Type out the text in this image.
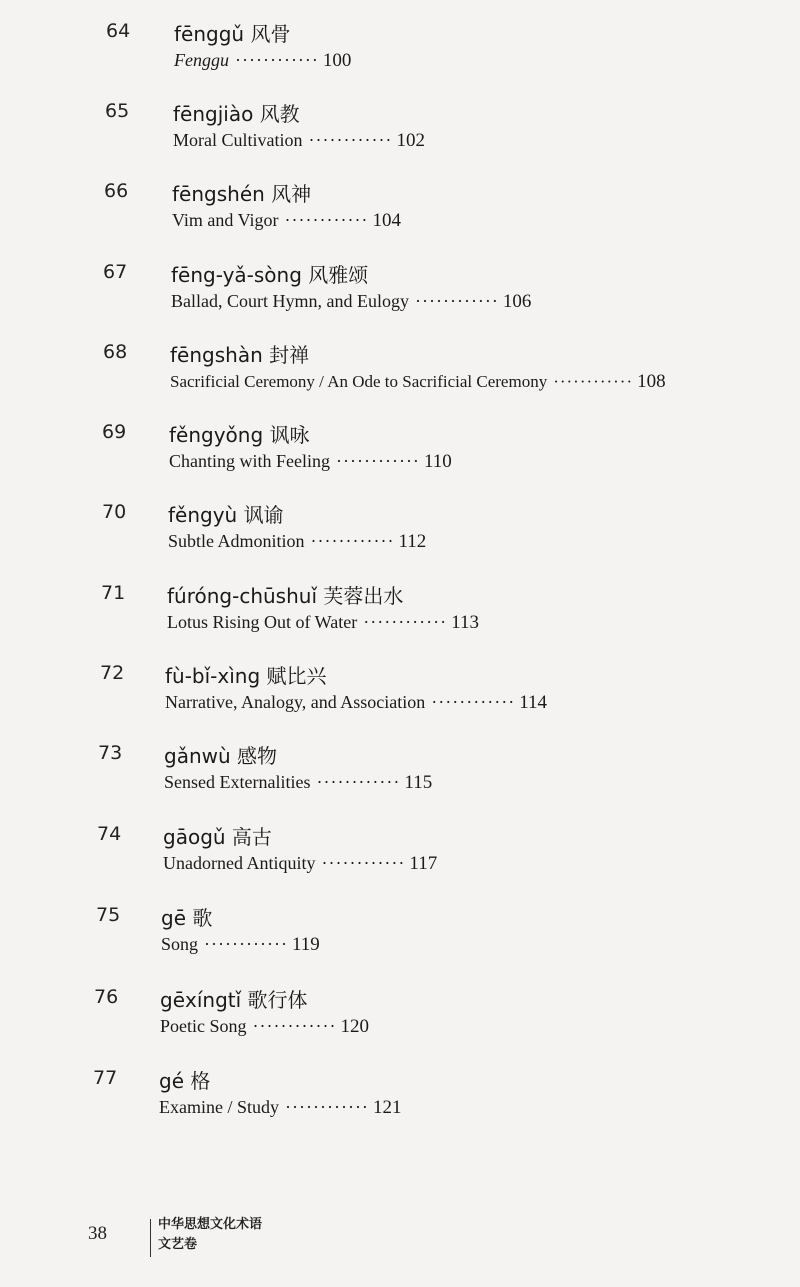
64 fēnggǔ 风骨
Fenggu ············ 100
65 fēngjiào 风教
Moral Cultivation ············ 102
66 fēngshén 风神
Vim and Vigor ············ 104
67 fēng-yǎ-sòng 风雅颂
Ballad, Court Hymn, and Eulogy ············ 106
68 fēngshàn 封禅
Sacrificial Ceremony / An Ode to Sacrificial Ceremony ············ 108
69 fěngyǒng 讽咏
Chanting with Feeling ············ 110
70 fěngyù 讽谕
Subtle Admonition ············ 112
71 fúróng-chūshuǐ 芙蓉出水
Lotus Rising Out of Water ············ 113
72 fù-bǐ-xìng 赋比兴
Narrative, Analogy, and Association ············ 114
73 gǎnwù 感物
Sensed Externalities ············ 115
74 gāogǔ 高古
Unadorned Antiquity ············ 117
75 gē 歌
Song ············ 119
76 gēxíngtǐ 歌行体
Poetic Song ············ 120
77 gé 格
Examine / Study ············ 121
38	中华思想文化术语
文艺卷
